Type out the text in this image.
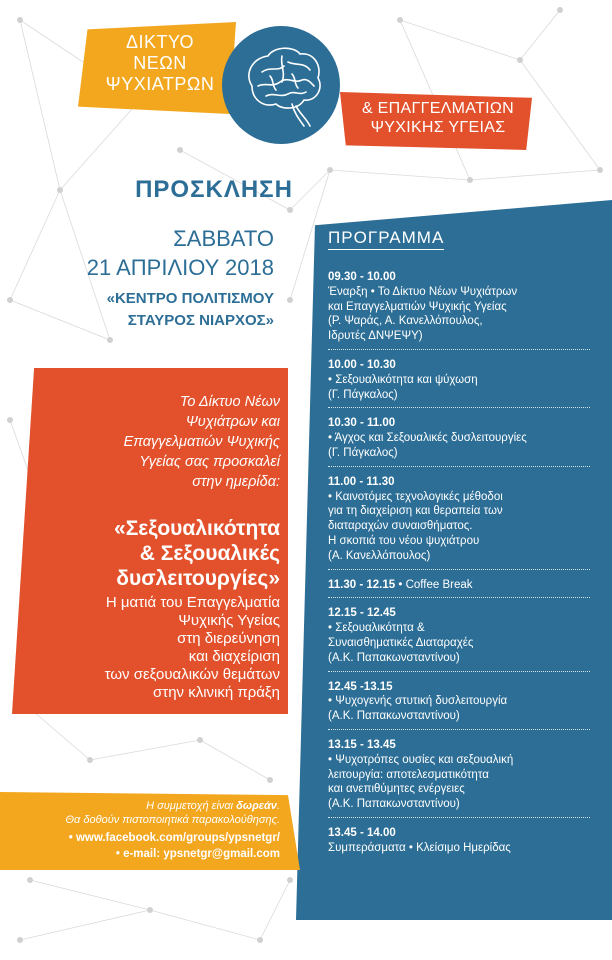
ΔΙΚΤΥΟ
ΝΕΩΝ
ΨΥΧΙΑΤΡΩΝ
& ΕΠΑΓΓΕΛΜΑΤΙΩΝ
ΨΥΧΙΚΗΣ ΥΓΕΙΑΣ
ΠΡΟΣΚΛΗΣΗ
ΣΑΒΒΑΤΟ
21 ΑΠΡΙΛΙΟΥ 2018
«ΚΕΝΤΡΟ ΠΟΛΙΤΙΣΜΟΥ
ΣΤΑΥΡΟΣ ΝΙΑΡΧΟΣ»
Το Δίκτυο Νέων
Ψυχιάτρων και
Επαγγελματιών Ψυχικής
Υγείας σας προσκαλεί
στην ημερίδα:
«Σεξουαλικότητα
& Σεξουαλικές
δυσλειτουργίες»
Η ματιά του Επαγγελματία
Ψυχικής Υγείας
στη διερεύνηση
και διαχείριση
των σεξουαλικών θεμάτων
στην κλινική πράξη
ΠΡΟΓΡΑΜΜΑ
09.30 - 10.00
Έναρξη • Το Δίκτυο Νέων Ψυχιάτρων
και Επαγγελματιών Ψυχικής Υγείας
(Ρ. Ψαράς, Α. Κανελλόπουλος,
Ιδρυτές ΔΝΨΕΨΥ)
10.00 - 10.30
• Σεξουαλικότητα και ψύχωση
(Γ. Πάγκαλος)
10.30 - 11.00
• Άγχος και Σεξουαλικές δυσλειτουργίες
(Γ. Πάγκαλος)
11.00 - 11.30
• Καινοτόμες τεχνολογικές μέθοδοι
για τη διαχείριση και θεραπεία των
διαταραχών συναισθήματος.
Η σκοπιά του νέου ψυχιάτρου
(Α. Κανελλόπουλος)
11.30 - 12.15 • Coffee Break
12.15 - 12.45
• Σεξουαλικότητα &
Συναισθηματικές Διαταραχές
(Α.Κ. Παπακωνσταντίνου)
12.45 -13.15
• Ψυχογενής στυτική δυσλειτουργία
(Α.Κ. Παπακωνσταντίνου)
13.15 - 13.45
• Ψυχοτρόπες ουσίες και σεξουαλική
λειτουργία: αποτελεσματικότητα
και ανεπιθύμητες ενέργειες
(Α.Κ. Παπακωνσταντίνου)
13.45 - 14.00
Συμπεράσματα • Κλείσιμο Ημερίδας
Η συμμετοχή είναι δωρεάν.
Θα δοθούν πιστοποιητικά παρακολούθησης.
• www.facebook.com/groups/ypsnetgr/
• e-mail: ypsnetgr@gmail.com
